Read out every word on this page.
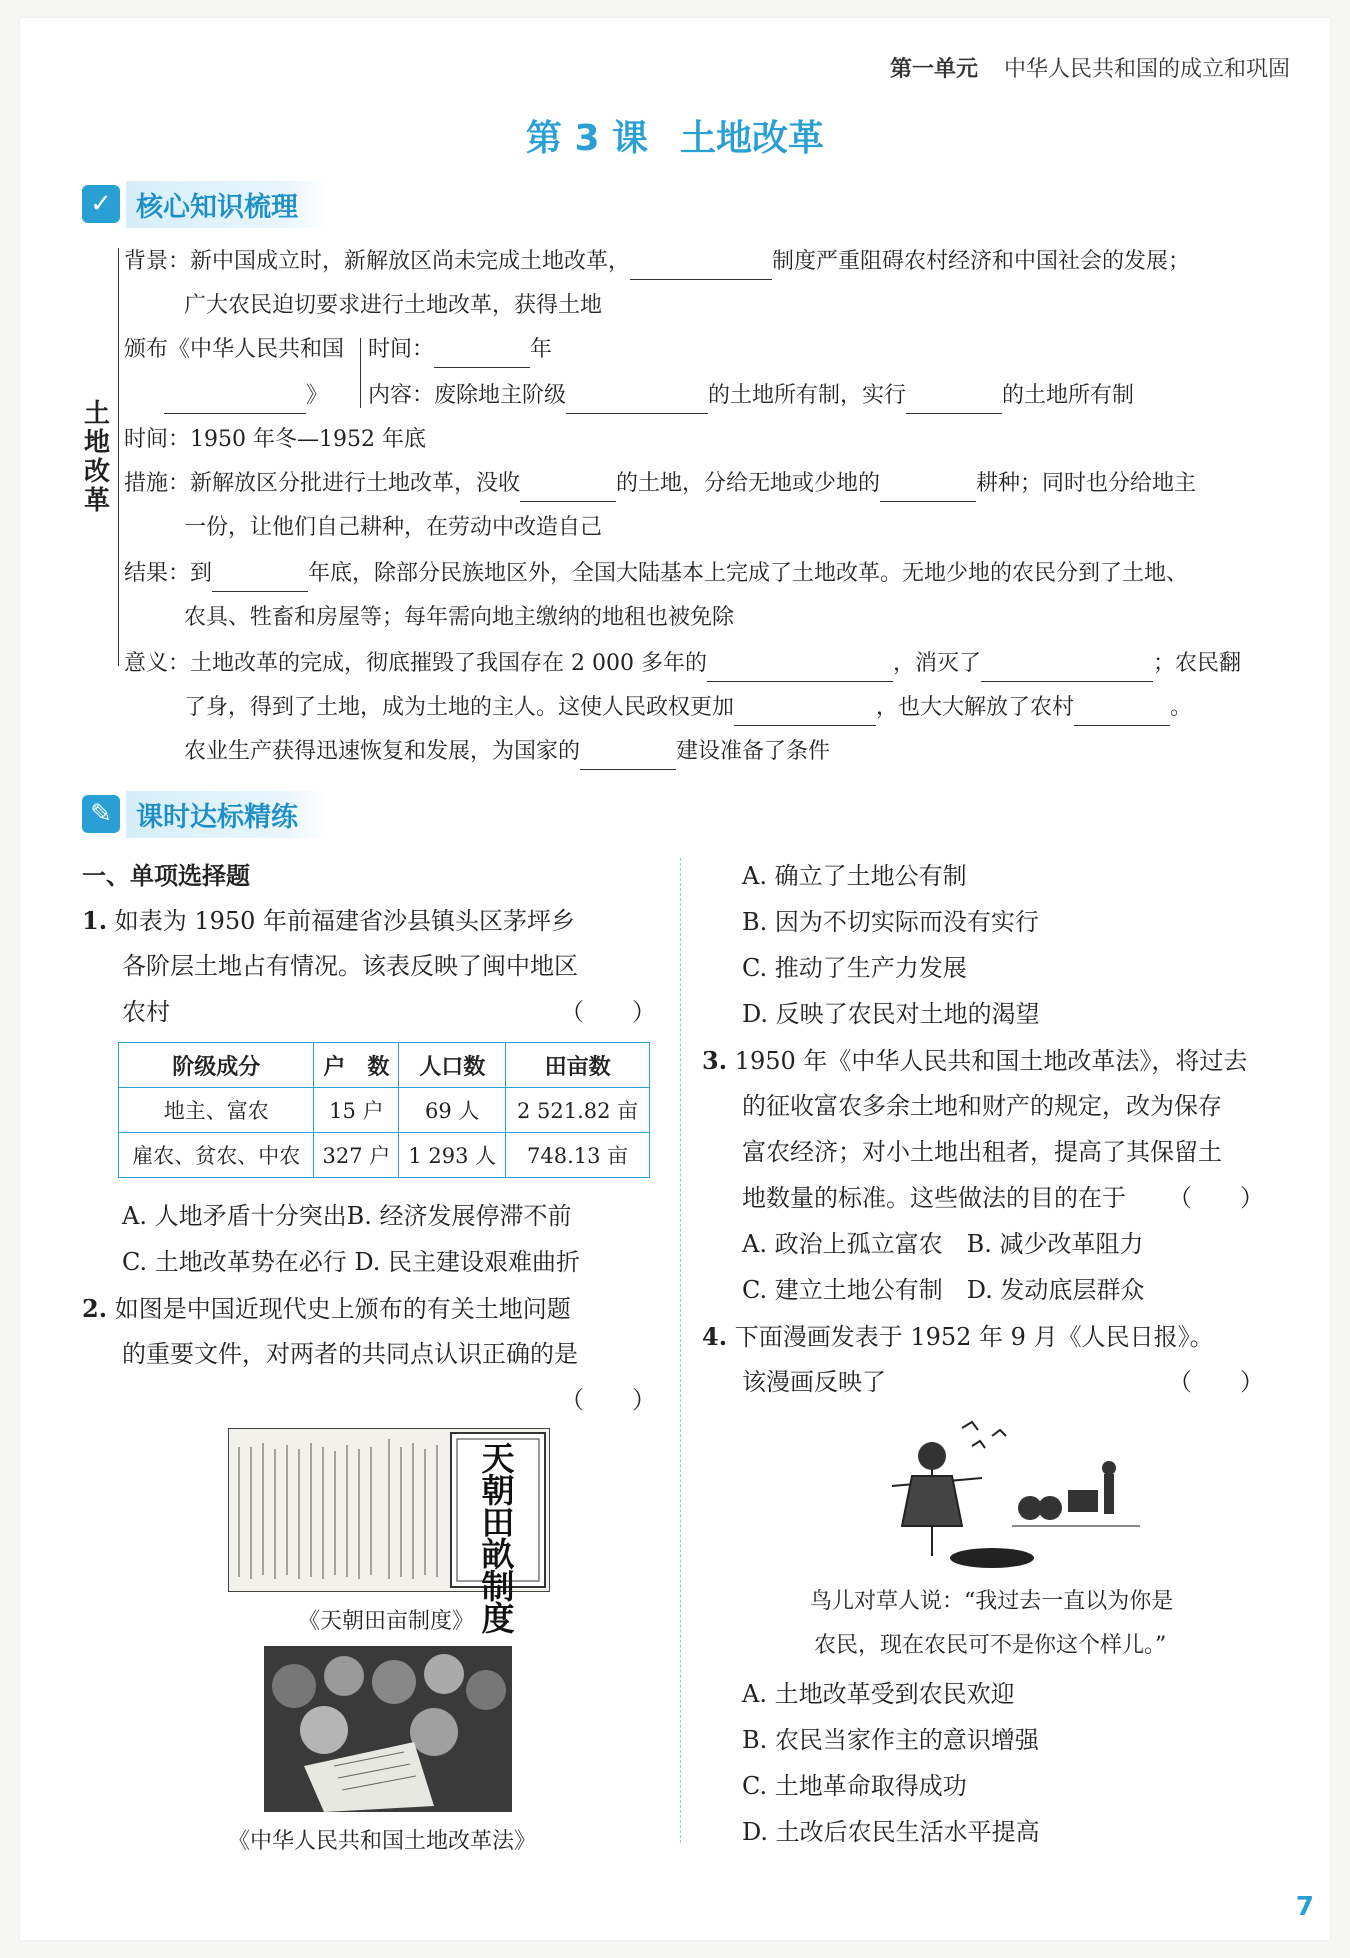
第一单元 中华人民共和国的成立和巩固
第 3 课 土地改革
✓ 核心知识梳理
土地改革
背景：新中国成立时，新解放区尚未完成土地改革，	制度严重阻碍农村经济和中国社会的发展；
广大农民迫切要求进行土地改革，获得土地
颁布《中华人民共和国
》
时间：	年
内容：废除地主阶级	的土地所有制，实行	的土地所有制
时间：1950 年冬—1952 年底
措施：新解放区分批进行土地改革，没收	的土地，分给无地或少地的	耕种；同时也分给地主
一份，让他们自己耕种，在劳动中改造自己
结果：到	年底，除部分民族地区外，全国大陆基本上完成了土地改革。无地少地的农民分到了土地、
农具、牲畜和房屋等；每年需向地主缴纳的地租也被免除
意义：土地改革的完成，彻底摧毁了我国存在 2 000 多年的	，消灭了	；农民翻
了身，得到了土地，成为土地的主人。这使人民政权更加	，也大大解放了农村	。
农业生产获得迅速恢复和发展，为国家的	建设准备了条件
✎ 课时达标精练
一、单项选择题
1. 如表为 1950 年前福建省沙县镇头区茅坪乡
各阶层土地占有情况。该表反映了闽中地区
农村	（　　）
阶级成分	户　数	人口数	田亩数
地主、富农	15 户	69 人	2 521.82 亩
雇农、贫农、中农	327 户	1 293 人	748.13 亩
A. 人地矛盾十分突出B. 经济发展停滞不前
C. 土地改革势在必行 D. 民主建设艰难曲折
2. 如图是中国近现代史上颁布的有关土地问题
的重要文件，对两者的共同点认识正确的是
（　　）
天朝田畝制度
《天朝田亩制度》
《中华人民共和国土地改革法》
A. 确立了土地公有制
B. 因为不切实际而没有实行
C. 推动了生产力发展
D. 反映了农民对土地的渴望
3. 1950 年《中华人民共和国土地改革法》，将过去
的征收富农多余土地和财产的规定，改为保存
富农经济；对小土地出租者，提高了其保留土
地数量的标准。这些做法的目的在于 （　　）
A. 政治上孤立富农　 B. 减少改革阻力
C. 建立土地公有制　 D. 发动底层群众
4. 下面漫画发表于 1952 年 9 月《人民日报》。
该漫画反映了	（　　）
鸟儿对草人说：“我过去一直以为你是
农民，现在农民可不是你这个样儿。”
A. 土地改革受到农民欢迎
B. 农民当家作主的意识增强
C. 土地革命取得成功
D. 土改后农民生活水平提高
7
